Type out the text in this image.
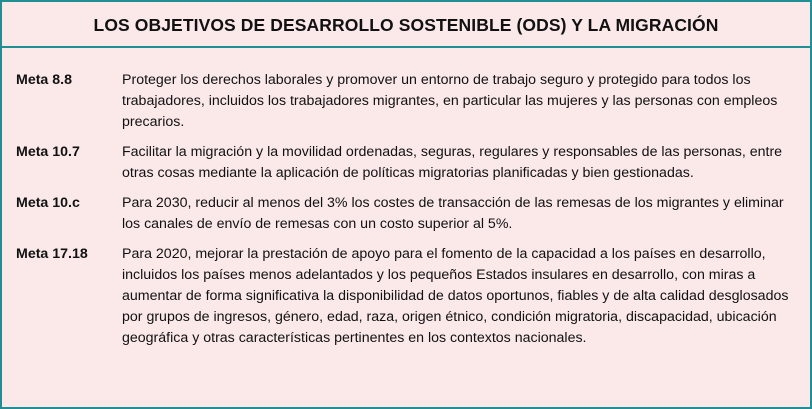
LOS OBJETIVOS DE DESARROLLO SOSTENIBLE (ODS) Y LA MIGRACIÓN
Meta 8.8	Proteger los derechos laborales y promover un entorno de trabajo seguro y protegido para todos los trabajadores, incluidos los trabajadores migrantes, en particular las mujeres y las personas con empleos precarios.
Meta 10.7	Facilitar la migración y la movilidad ordenadas, seguras, regulares y responsables de las personas, entre otras cosas mediante la aplicación de políticas migratorias planificadas y bien gestionadas.
Meta 10.c	Para 2030, reducir al menos del 3% los costes de transacción de las remesas de los migrantes y eliminar los canales de envío de remesas con un costo superior al 5%.
Meta 17.18	Para 2020, mejorar la prestación de apoyo para el fomento de la capacidad a los países en desarrollo, incluidos los países menos adelantados y los pequeños Estados insulares en desarrollo, con miras a aumentar de forma significativa la disponibilidad de datos oportunos, fiables y de alta calidad desglosados por grupos de ingresos, género, edad, raza, origen étnico, condición migratoria, discapacidad, ubicación geográfica y otras características pertinentes en los contextos nacionales.
